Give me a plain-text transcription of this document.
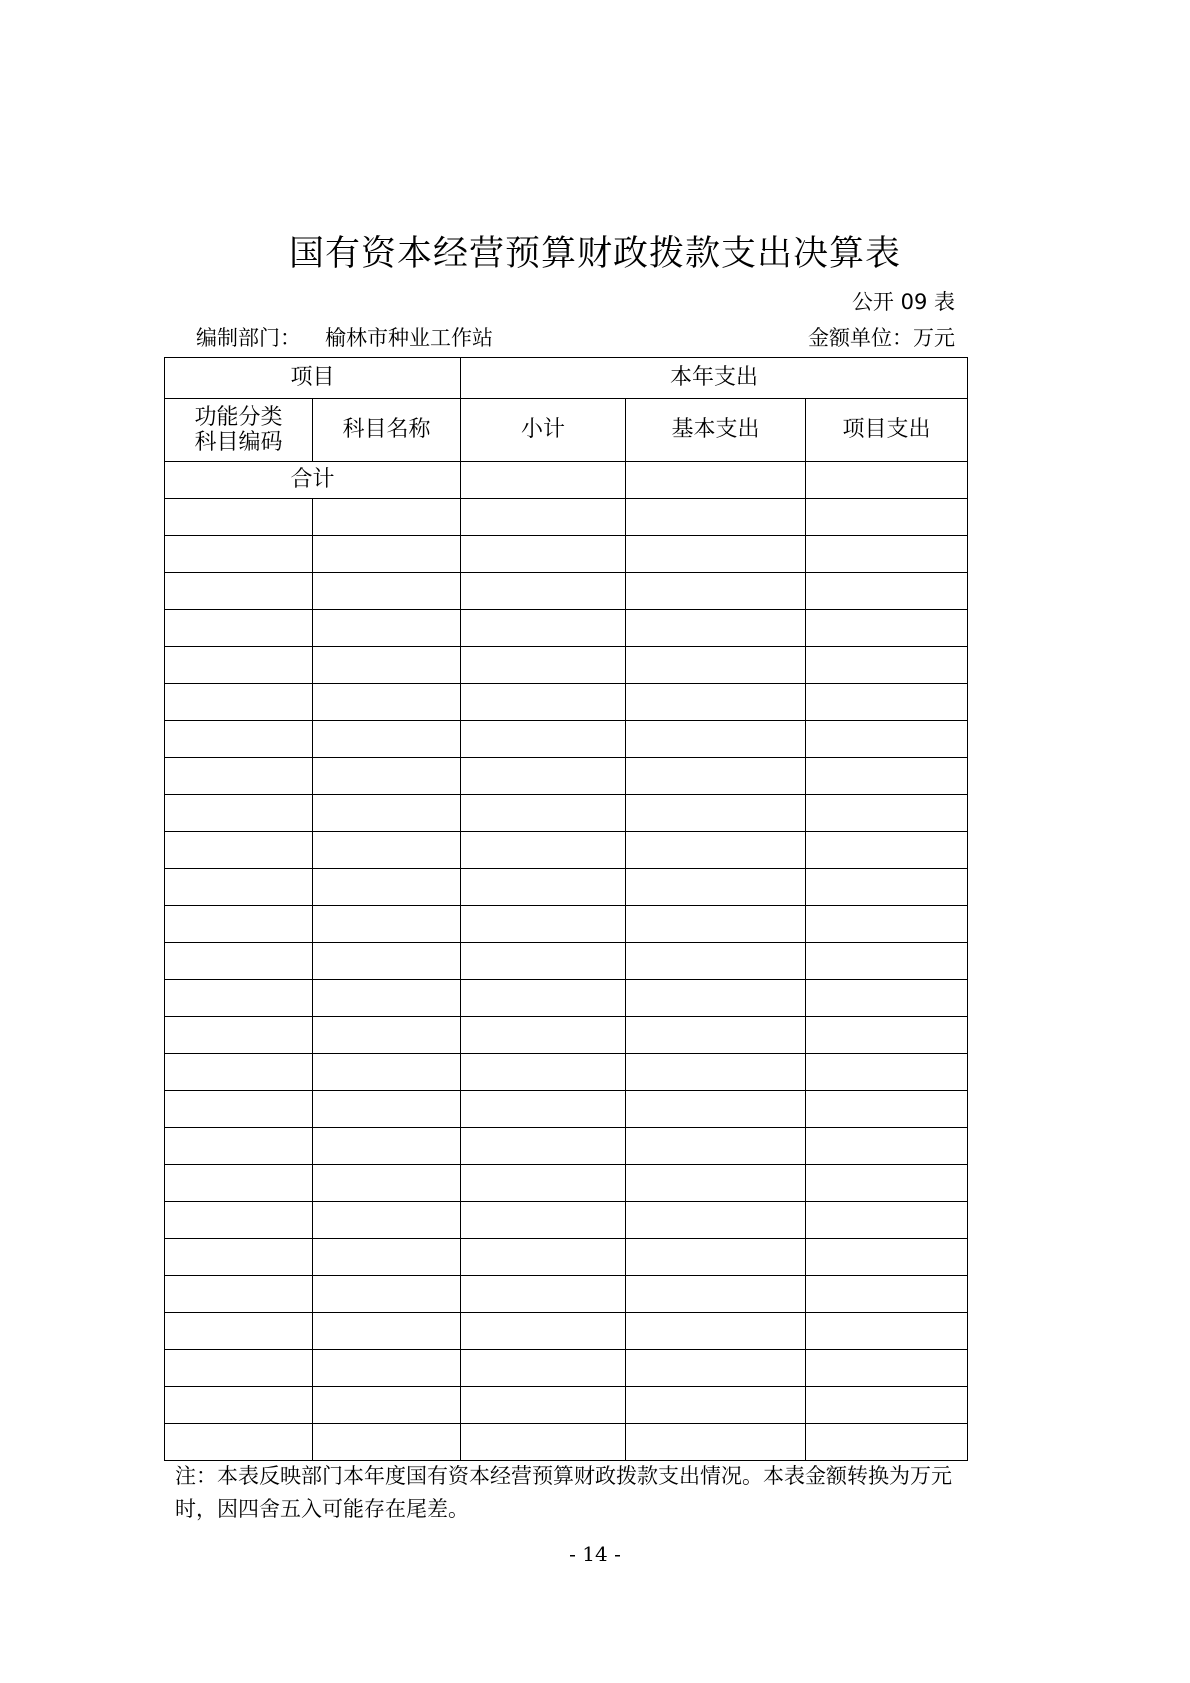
国有资本经营预算财政拨款支出决算表
公开 09 表
编制部门： 榆林市种业工作站	金额单位：万元
项目		本年支出		
功能分类
科目编码	科目名称	小计	基本支出	项目支出
合计				

注：本表反映部门本年度国有资本经营预算财政拨款支出情况。本表金额转换为万元时，因四舍五入可能存在尾差。
- 14 -
